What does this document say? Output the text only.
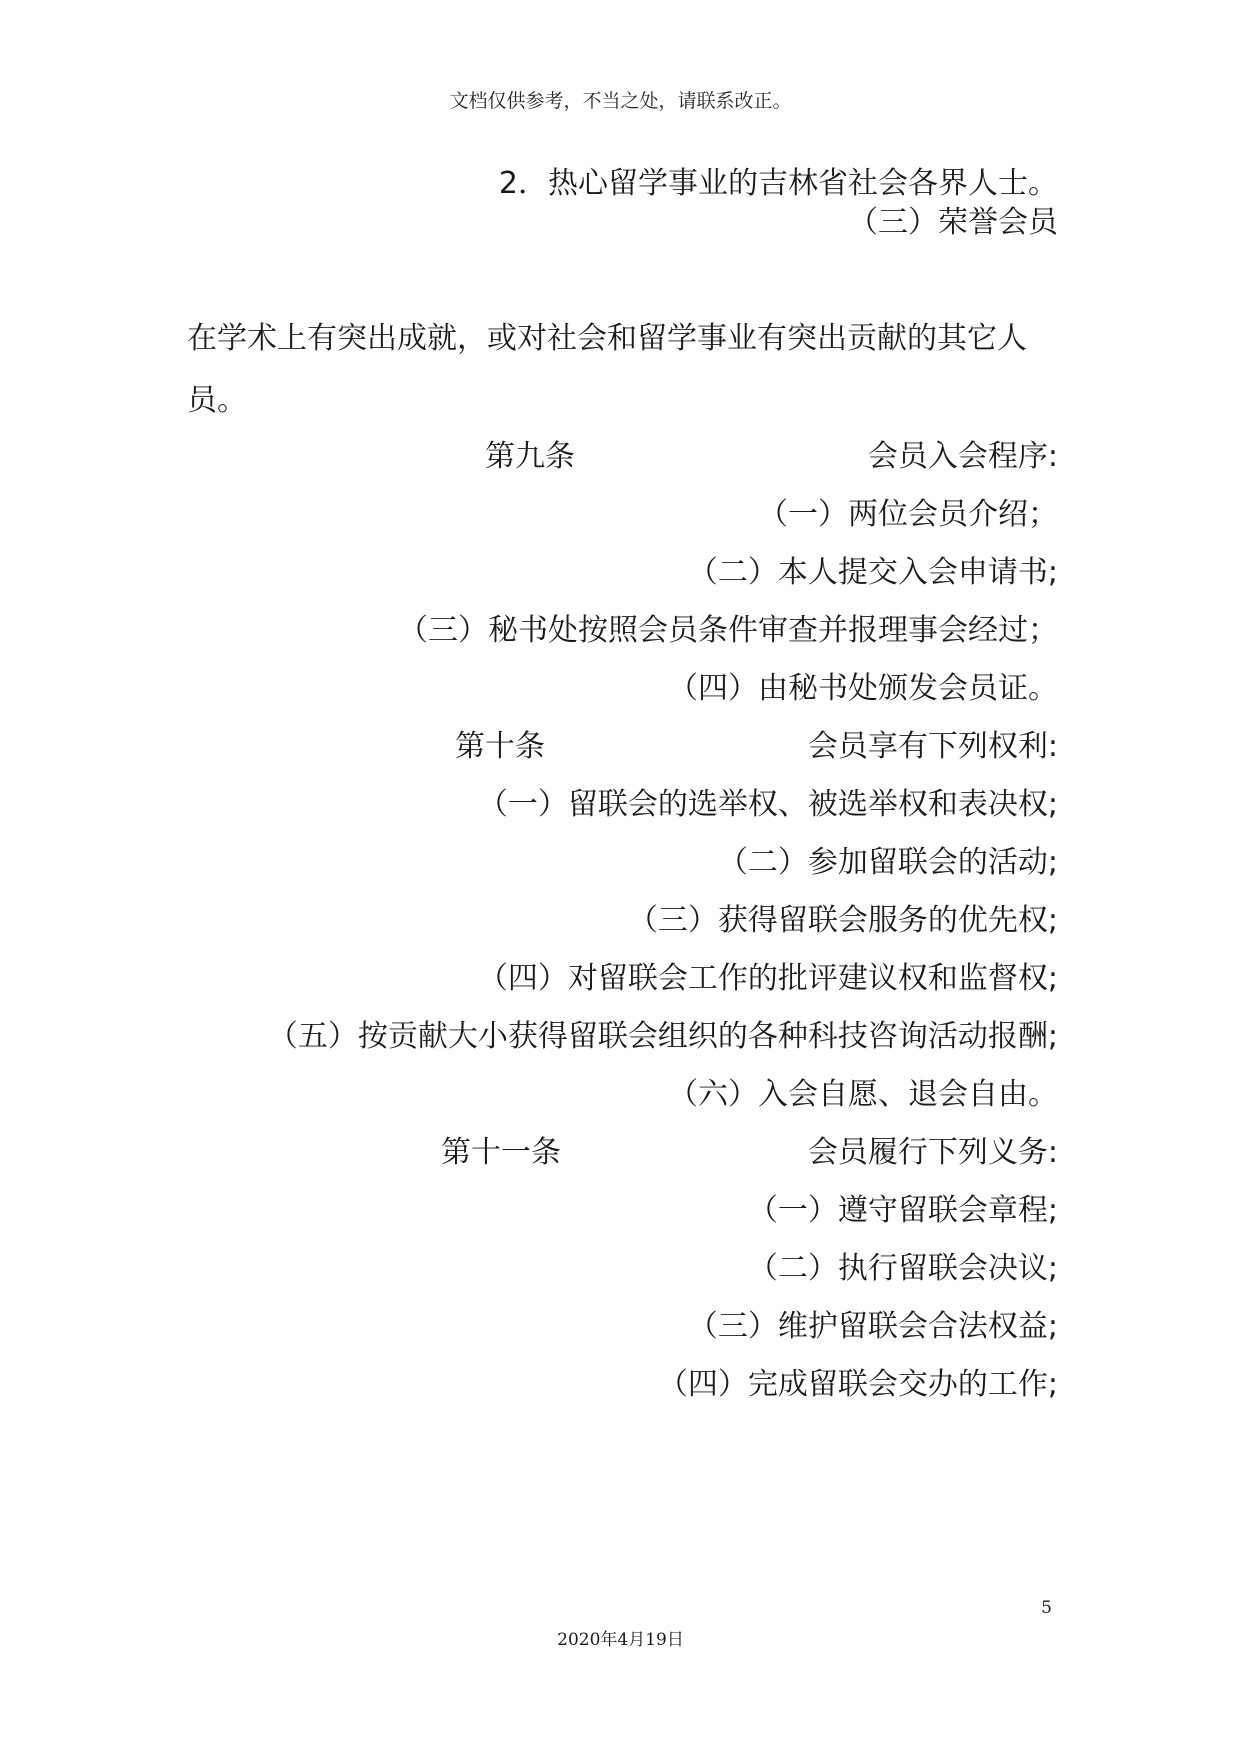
文档仅供参考，不当之处，请联系改正。
2．热心留学事业的吉林省社会各界人士。
（三）荣誉会员
在学术上有突出成就，或对社会和留学事业有突出贡献的其它人
员。
第九条	会员入会程序:
（一）两位会员介绍；
（二）本人提交入会申请书;
（三）秘书处按照会员条件审查并报理事会经过；
（四）由秘书处颁发会员证。
第十条	会员享有下列权利:
（一）留联会的选举权、被选举权和表决权;
（二）参加留联会的活动;
（三）获得留联会服务的优先权;
（四）对留联会工作的批评建议权和监督权;
（五）按贡献大小获得留联会组织的各种科技咨询活动报酬;
（六）入会自愿、退会自由。
第十一条	会员履行下列义务:
（一）遵守留联会章程;
（二）执行留联会决议;
（三）维护留联会合法权益;
（四）完成留联会交办的工作;
5
2020年4月19日
